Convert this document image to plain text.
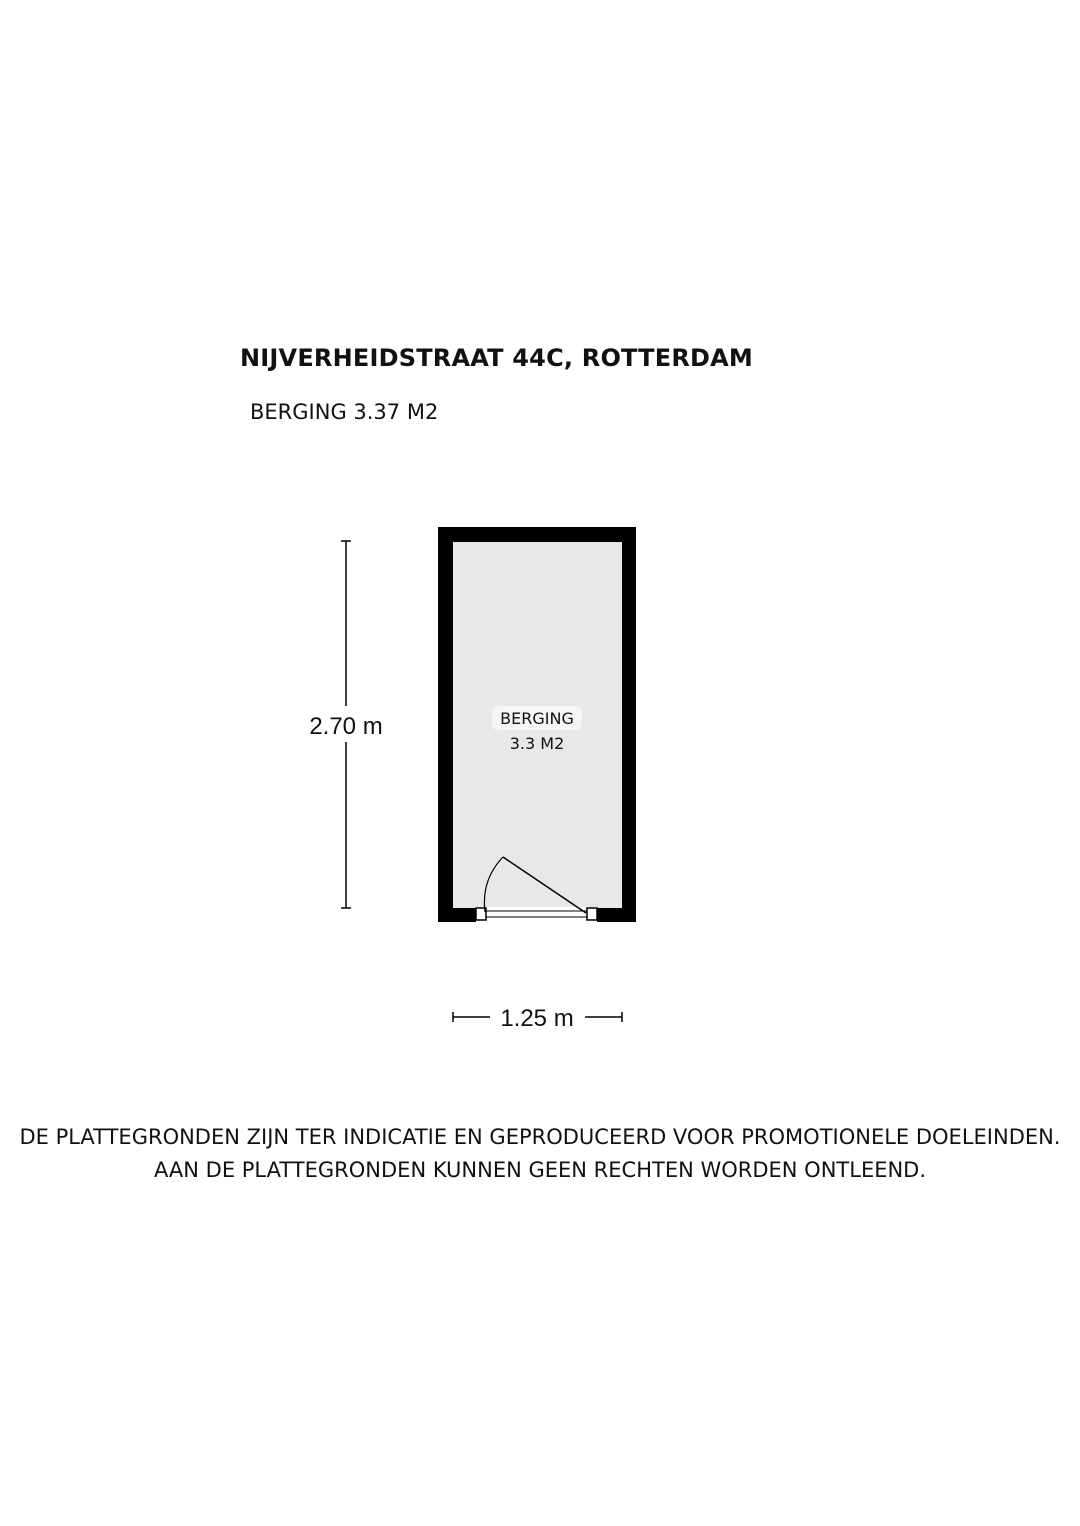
NIJVERHEIDSTRAAT 44C, ROTTERDAM
BERGING 3.37 M2
BERGING
3.3 M2
2.70 m
1.25 m
DE PLATTEGRONDEN ZIJN TER INDICATIE EN GEPRODUCEERD VOOR PROMOTIONELE DOELEINDEN.
AAN DE PLATTEGRONDEN KUNNEN GEEN RECHTEN WORDEN ONTLEEND.
